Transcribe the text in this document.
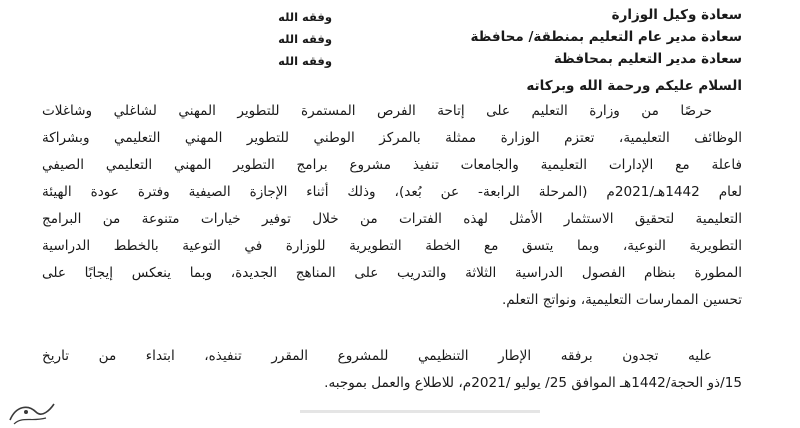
سعادة وكيل الوزارة
سعادة مدير عام التعليم بمنطقة/ محافظة
سعادة مدير التعليم بمحافظة
وفقه الله
وفقه الله
وفقه الله
السلام عليكم ورحمة الله وبركاته
حرصًا من وزارة التعليم على إتاحة الفرص المستمرة للتطوير المهني لشاغلي وشاغلات
الوظائف التعليمية، تعتزم الوزارة ممثلة بالمركز الوطني للتطوير المهني التعليمي وبشراكة
فاعلة مع الإدارات التعليمية والجامعات تنفيذ مشروع برامج التطوير المهني التعليمي الصيفي
لعام 1442هـ/2021م (المرحلة الرابعة- عن بُعد)، وذلك أثناء الإجازة الصيفية وفترة عودة الهيئة
التعليمية لتحقيق الاستثمار الأمثل لهذه الفترات من خلال توفير خيارات متنوعة من البرامج
التطويرية النوعية، وبما يتسق مع الخطة التطويرية للوزارة في التوعية بالخطط الدراسية
المطورة بنظام الفصول الدراسية الثلاثة والتدريب على المناهج الجديدة، وبما ينعكس إيجابًا على
تحسين الممارسات التعليمية، ونواتج التعلم.
عليه تجدون برفقه الإطار التنظيمي للمشروع المقرر تنفيذه، ابتداء من تاريخ
15/ذو الحجة/1442هـ الموافق 25/ يوليو /2021م، للاطلاع والعمل بموجبه.
